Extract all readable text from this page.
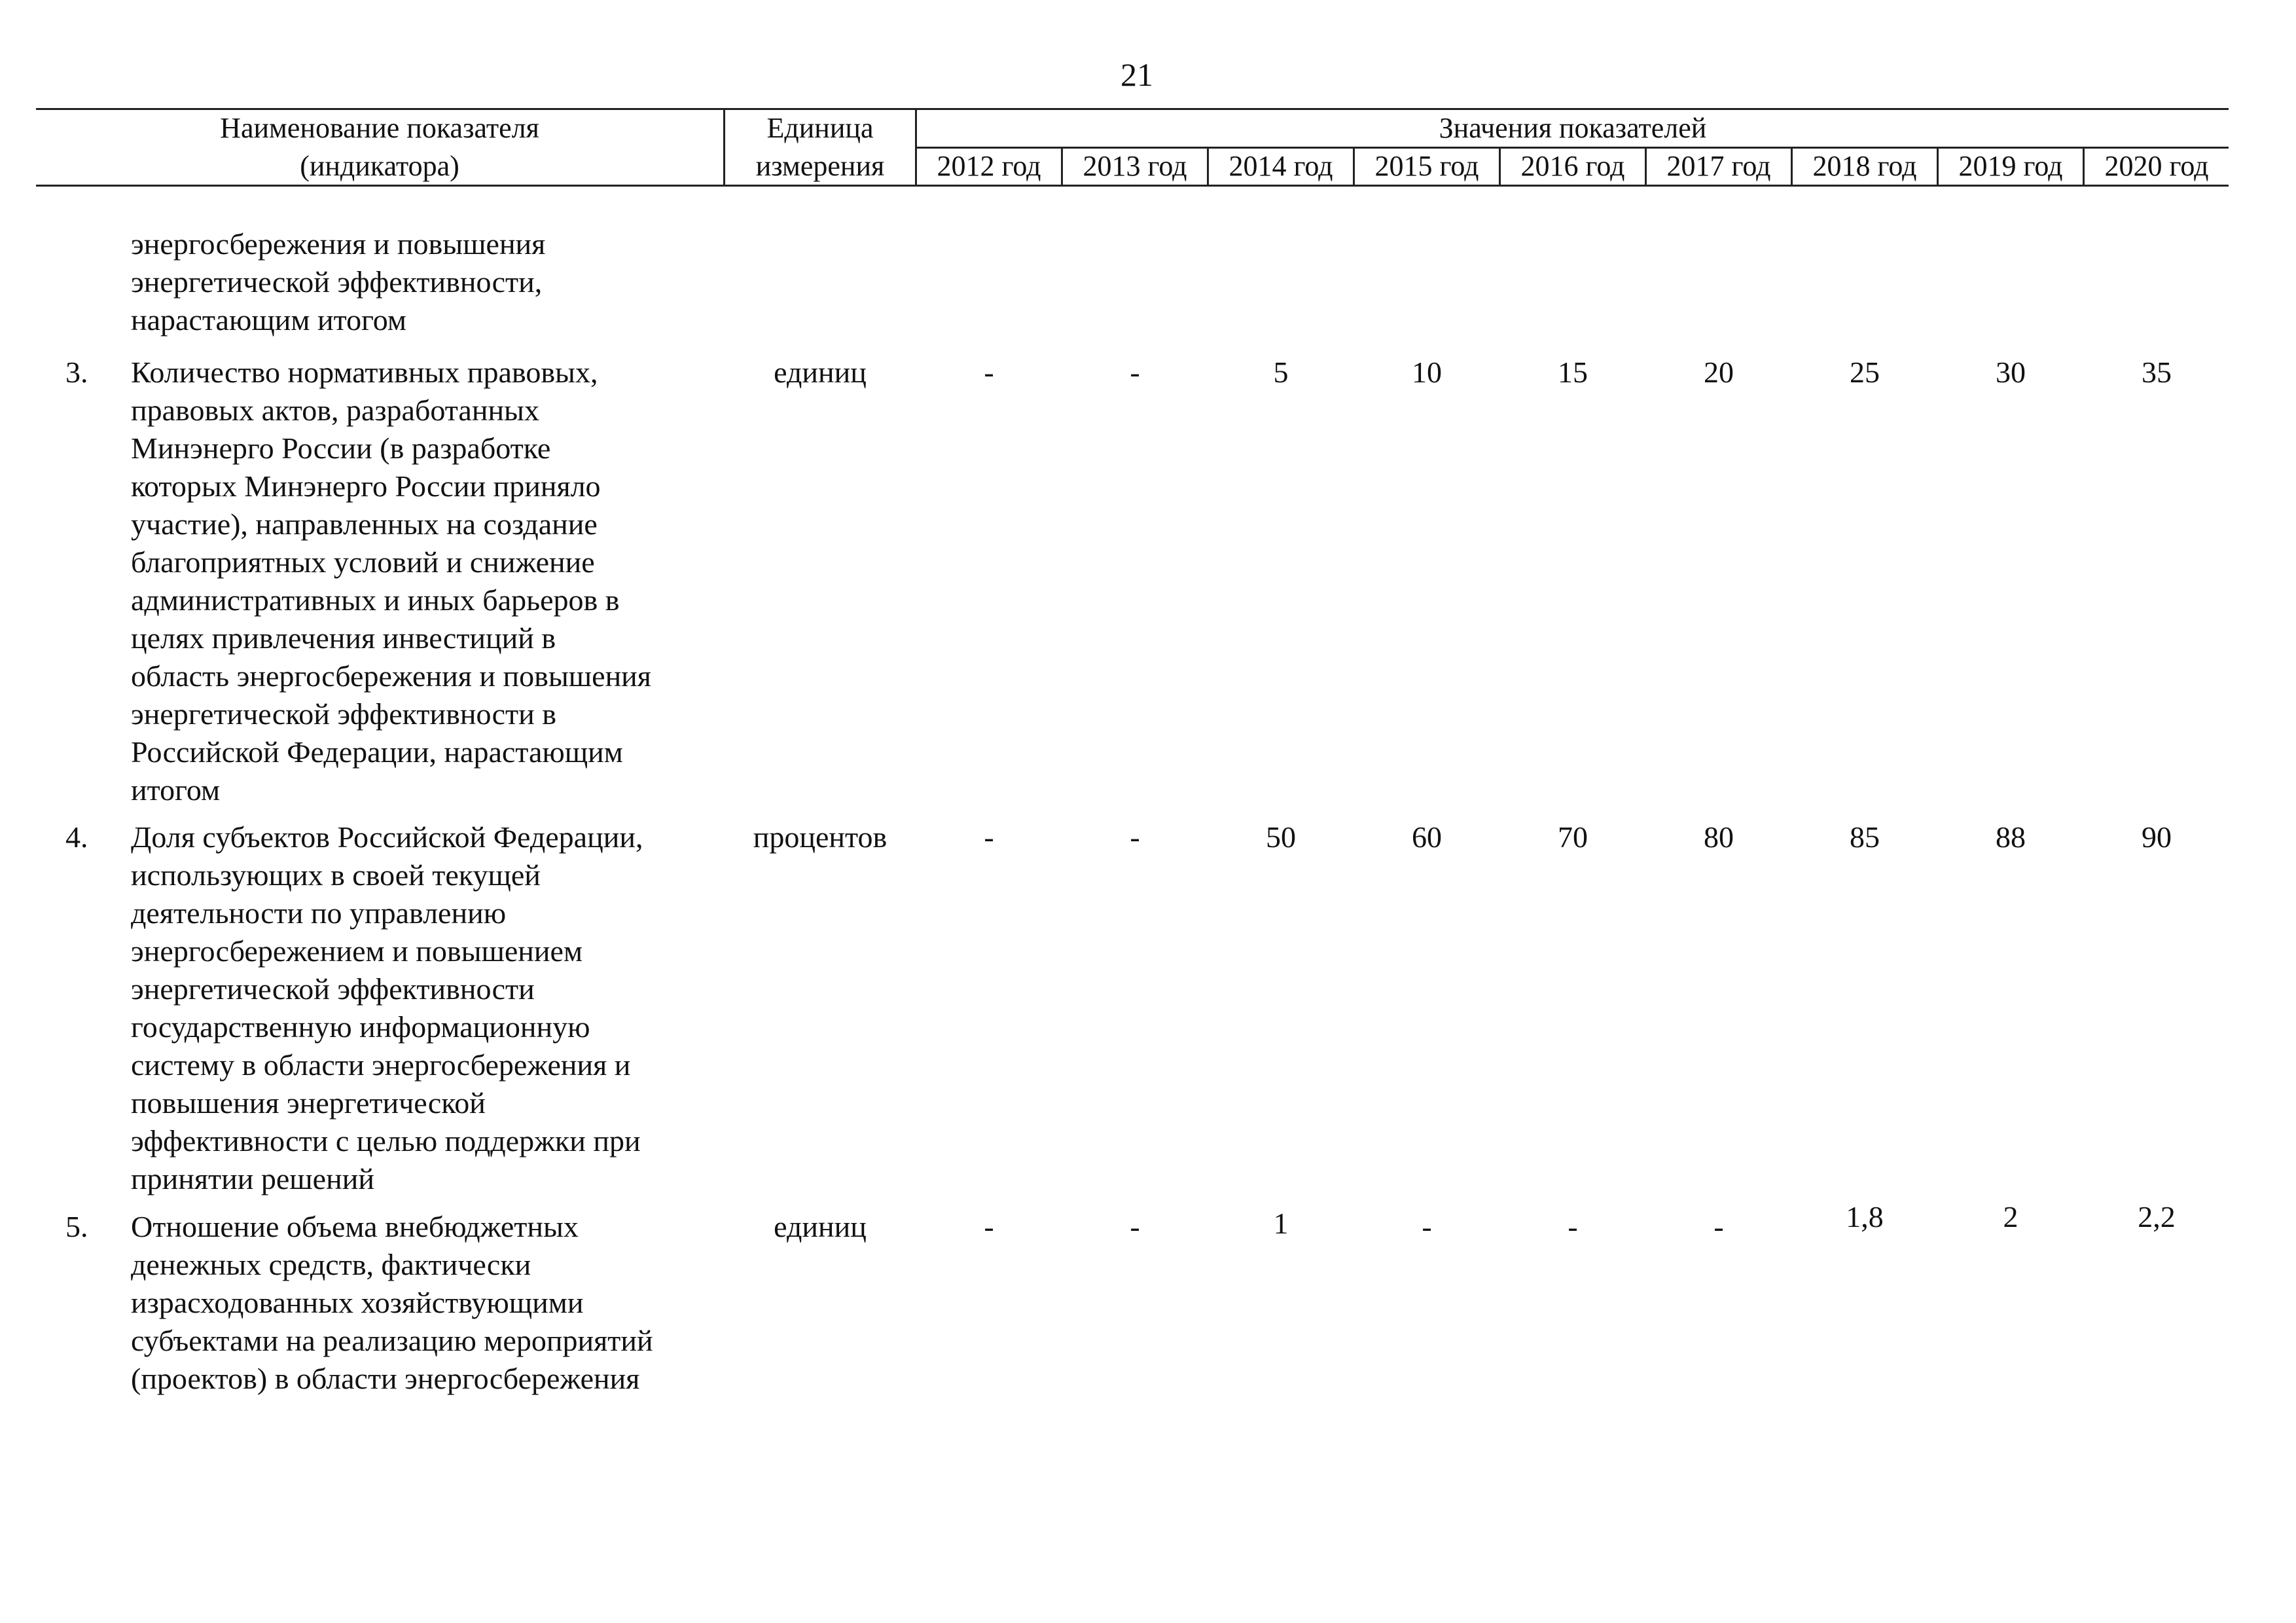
21
Наименование показателя
(индикатора)
Единица
измерения
Значения показателей
2012 год	2013 год	2014 год	2015 год	2016 год	2017 год	2018 год	2019 год	2020 год
энергосбережения и повышения
энергетической эффективности,
нарастающим итогом
3. Количество нормативных правовых,
правовых актов, разработанных
Минэнерго России (в разработке
которых Минэнерго России приняло
участие), направленных на создание
благоприятных условий и снижение
административных и иных барьеров в
целях привлечения инвестиций в
область энергосбережения и повышения
энергетической эффективности в
Российской Федерации, нарастающим
итогом
единиц	-	-	5	10	15	20	25	30	35
4. Доля субъектов Российской Федерации,
использующих в своей текущей
деятельности по управлению
энергосбережением и повышением
энергетической эффективности
государственную информационную
систему в области энергосбережения и
повышения энергетической
эффективности с целью поддержки при
принятии решений
процентов	-	-	50	60	70	80	85	88	90
5. Отношение объема внебюджетных
денежных средств, фактически
израсходованных хозяйствующими
субъектами на реализацию мероприятий
(проектов) в области энергосбережения
единиц	-	-	1	-	-	-	1,8	2	2,2
